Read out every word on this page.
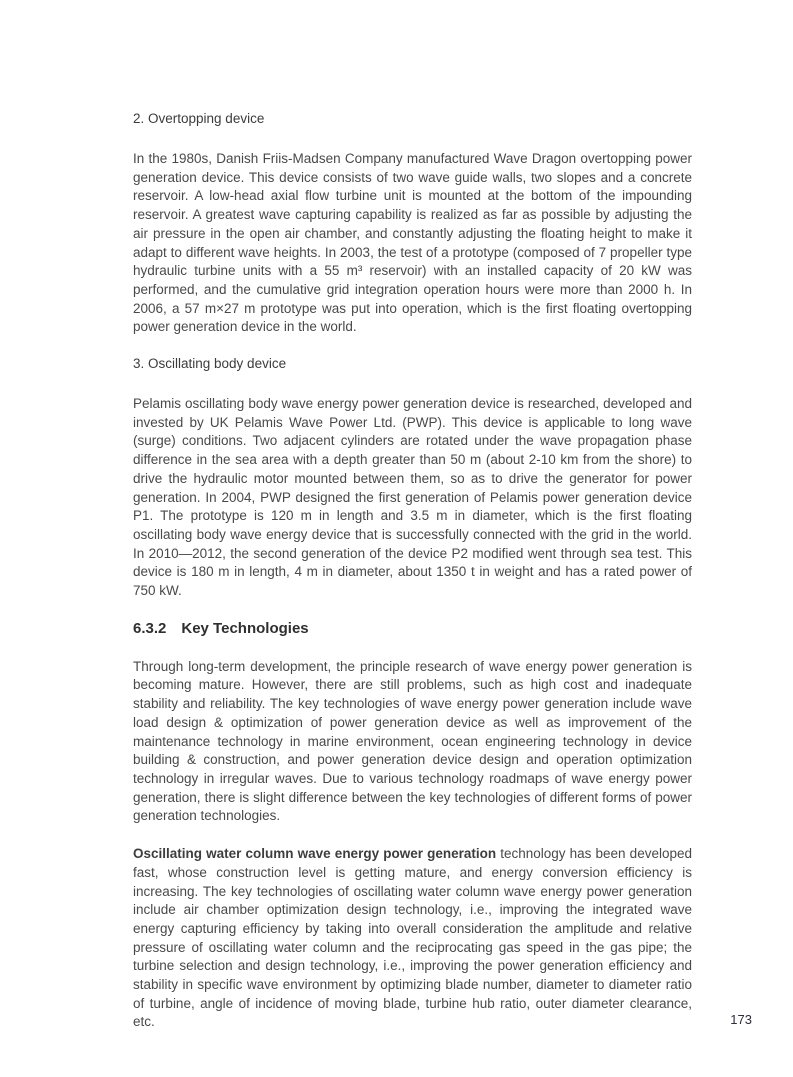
2. Overtopping device

In the 1980s, Danish Friis-Madsen Company manufactured Wave Dragon overtopping power generation device. This device consists of two wave guide walls, two slopes and a concrete reservoir. A low-head axial flow turbine unit is mounted at the bottom of the impounding reservoir. A greatest wave capturing capability is realized as far as possible by adjusting the air pressure in the open air chamber, and constantly adjusting the floating height to make it adapt to different wave heights. In 2003, the test of a prototype (composed of 7 propeller type hydraulic turbine units with a 55 m³ reservoir) with an installed capacity of 20 kW was performed, and the cumulative grid integration operation hours were more than 2000 h. In 2006, a 57 m×27 m prototype was put into operation, which is the first floating overtopping power generation device in the world.

3. Oscillating body device

Pelamis oscillating body wave energy power generation device is researched, developed and invested by UK Pelamis Wave Power Ltd. (PWP). This device is applicable to long wave (surge) conditions. Two adjacent cylinders are rotated under the wave propagation phase difference in the sea area with a depth greater than 50 m (about 2-10 km from the shore) to drive the hydraulic motor mounted between them, so as to drive the generator for power generation. In 2004, PWP designed the first generation of Pelamis power generation device P1. The prototype is 120 m in length and 3.5 m in diameter, which is the first floating oscillating body wave energy device that is successfully connected with the grid in the world. In 2010—2012, the second generation of the device P2 modified went through sea test. This device is 180 m in length, 4 m in diameter, about 1350 t in weight and has a rated power of 750 kW.

6.3.2 Key Technologies

Through long-term development, the principle research of wave energy power generation is becoming mature. However, there are still problems, such as high cost and inadequate stability and reliability. The key technologies of wave energy power generation include wave load design & optimization of power generation device as well as improvement of the maintenance technology in marine environment, ocean engineering technology in device building & construction, and power generation device design and operation optimization technology in irregular waves. Due to various technology roadmaps of wave energy power generation, there is slight difference between the key technologies of different forms of power generation technologies.

Oscillating water column wave energy power generation technology has been developed fast, whose construction level is getting mature, and energy conversion efficiency is increasing. The key technologies of oscillating water column wave energy power generation include air chamber optimization design technology, i.e., improving the integrated wave energy capturing efficiency by taking into overall consideration the amplitude and relative pressure of oscillating water column and the reciprocating gas speed in the gas pipe; the turbine selection and design technology, i.e., improving the power generation efficiency and stability in specific wave environment by optimizing blade number, diameter to diameter ratio of turbine, angle of incidence of moving blade, turbine hub ratio, outer diameter clearance, etc.	173
